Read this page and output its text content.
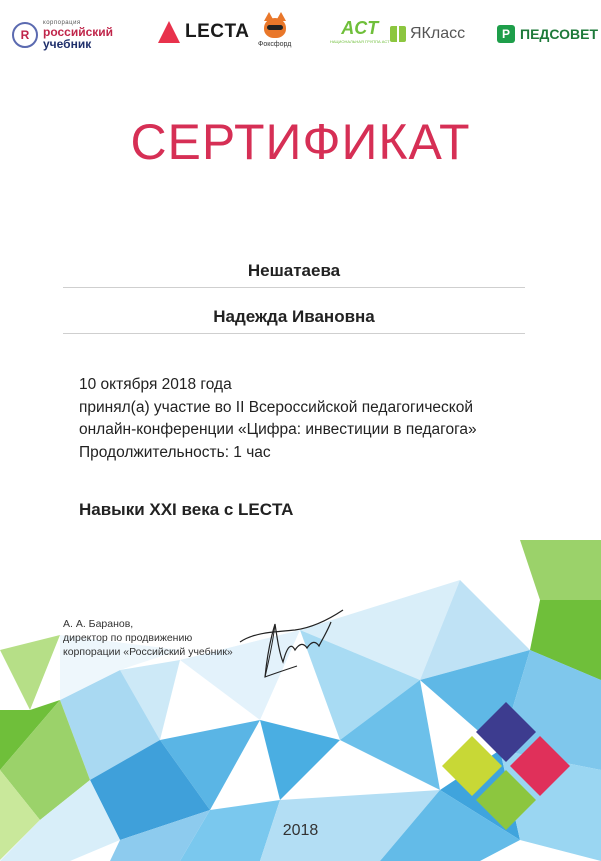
R
корпорация
российский
учебник
LECTA
Фоксфорд
ACT
НАЦИОНАЛЬНАЯ ГРУППА АСТ ЯКласс	P ПЕДСОВЕТ
СЕРТИФИКАТ
Нешатаева
Надежда Ивановна
10 октября 2018 года
принял(а) участие во II Всероссийской педагогической
онлайн-конференции «Цифра: инвестиции в педагога»
Продолжительность: 1 час
Навыки XXI века с LECTA
А. А. Баранов,
директор по продвижению
корпорации «Российский учебник»
2018
